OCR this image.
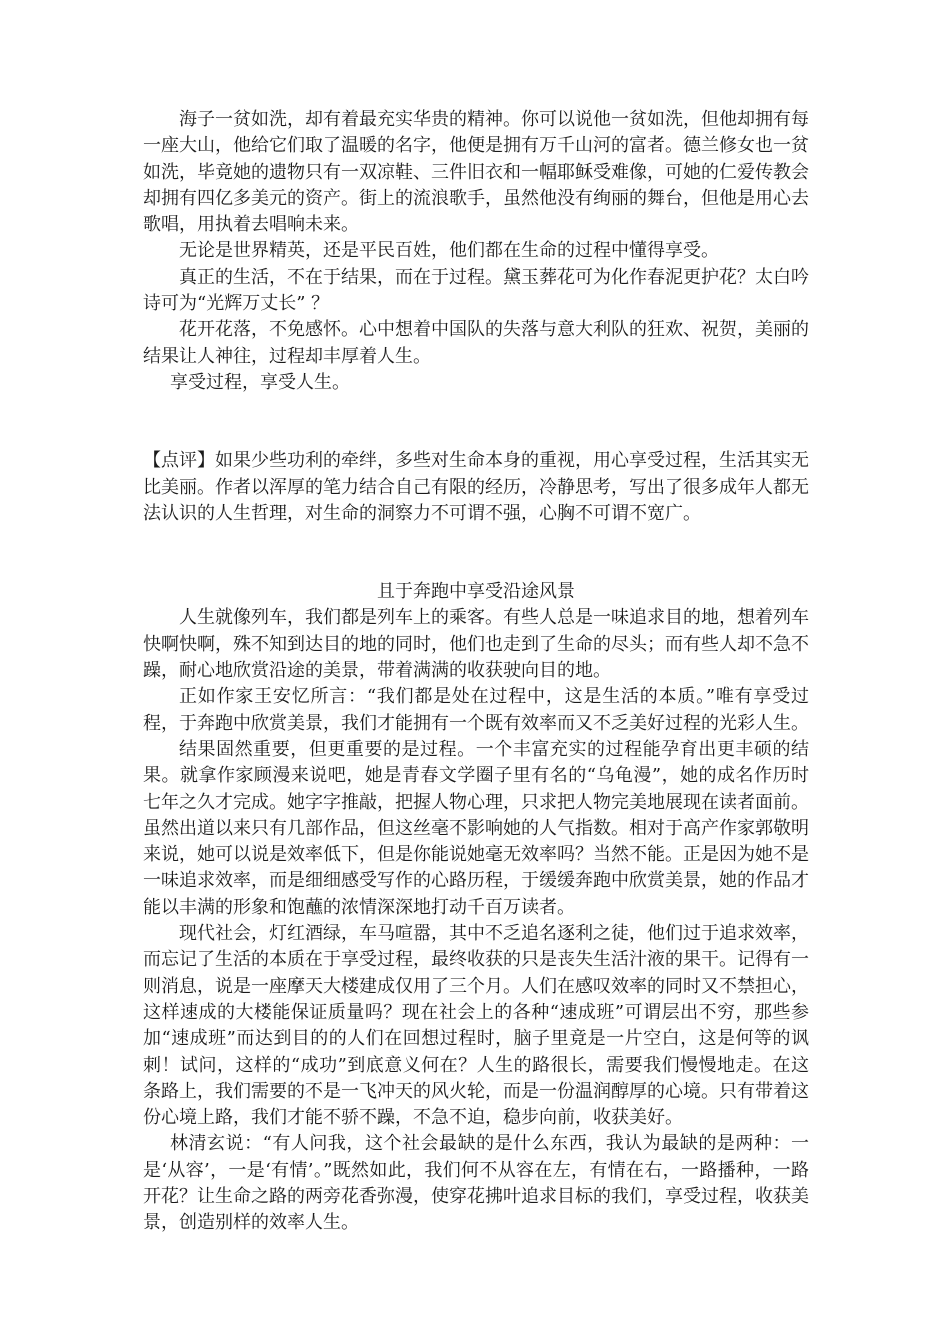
海子一贫如洗，却有着最充实华贵的精神。你可以说他一贫如洗，但他却拥有每一座大山，他给它们取了温暖的名字，他便是拥有万千山河的富者。德兰修女也一贫如洗，毕竟她的遗物只有一双凉鞋、三件旧衣和一幅耶稣受难像，可她的仁爱传教会却拥有四亿多美元的资产。街上的流浪歌手，虽然他没有绚丽的舞台，但他是用心去歌唱，用执着去唱响未来。

无论是世界精英，还是平民百姓，他们都在生命的过程中懂得享受。

真正的生活，不在于结果，而在于过程。黛玉葬花可为化作春泥更护花？太白吟诗可为“光辉万丈长” ？

花开花落，不免感怀。心中想着中国队的失落与意大利队的狂欢、祝贺，美丽的结果让人神往，过程却丰厚着人生。

享受过程，享受人生。

【点评】如果少些功利的牵绊，多些对生命本身的重视，用心享受过程，生活其实无比美丽。作者以浑厚的笔力结合自己有限的经历，冷静思考，写出了很多成年人都无法认识的人生哲理，对生命的洞察力不可谓不强，心胸不可谓不宽广。

且于奔跑中享受沿途风景

人生就像列车，我们都是列车上的乘客。有些人总是一味追求目的地，想着列车快啊快啊，殊不知到达目的地的同时，他们也走到了生命的尽头；而有些人却不急不躁，耐心地欣赏沿途的美景，带着满满的收获驶向目的地。

正如作家王安忆所言：“我们都是处在过程中，这是生活的本质。”唯有享受过程，于奔跑中欣赏美景，我们才能拥有一个既有效率而又不乏美好过程的光彩人生。

结果固然重要，但更重要的是过程。一个丰富充实的过程能孕育出更丰硕的结果。就拿作家顾漫来说吧，她是青春文学圈子里有名的“乌龟漫”，她的成名作历时七年之久才完成。她字字推敲，把握人物心理，只求把人物完美地展现在读者面前。虽然出道以来只有几部作品，但这丝毫不影响她的人气指数。相对于高产作家郭敬明来说，她可以说是效率低下，但是你能说她毫无效率吗？当然不能。正是因为她不是一味追求效率，而是细细感受写作的心路历程，于缓缓奔跑中欣赏美景，她的作品才能以丰满的形象和饱蘸的浓情深深地打动千百万读者。

现代社会，灯红酒绿，车马喧嚣，其中不乏追名逐利之徒，他们过于追求效率，而忘记了生活的本质在于享受过程，最终收获的只是丧失生活汁液的果干。记得有一则消息，说是一座摩天大楼建成仅用了三个月。人们在感叹效率的同时又不禁担心，这样速成的大楼能保证质量吗？现在社会上的各种“速成班”可谓层出不穷，那些参加“速成班”而达到目的的人们在回想过程时，脑子里竟是一片空白，这是何等的讽刺！试问，这样的“成功”到底意义何在？人生的路很长，需要我们慢慢地走。在这条路上，我们需要的不是一飞冲天的风火轮，而是一份温润醇厚的心境。只有带着这份心境上路，我们才能不骄不躁，不急不迫，稳步向前，收获美好。

林清玄说：“有人问我，这个社会最缺的是什么东西，我认为最缺的是两种：一是‘从容’，一是‘有情’。”既然如此，我们何不从容在左，有情在右，一路播种，一路开花？让生命之路的两旁花香弥漫，使穿花拂叶追求目标的我们，享受过程，收获美景，创造别样的效率人生。
